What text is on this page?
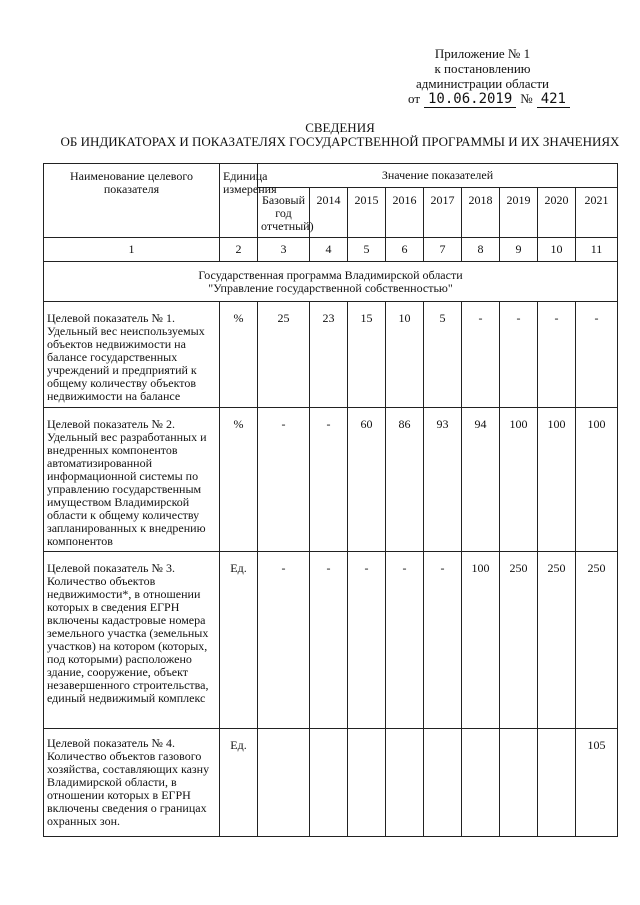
Приложение № 1
к постановлению
администрации области
от 10.06.2019 № 421
СВЕДЕНИЯ
ОБ ИНДИКАТОРАХ И ПОКАЗАТЕЛЯХ ГОСУДАРСТВЕННОЙ ПРОГРАММЫ И ИХ ЗНАЧЕНИЯХ
Наименование целевого показателя	Единица измерения	Значение показателей								
		Базовый год отчетный)	2014	2015	2016	2017	2018	2019	2020	2021
1	2	3	4	5	6	7	8	9	10	11

Государственная программа Владимирской области
"Управление государственной собственностью"										

Целевой показатель № 1. Удельный вес неиспользуемых объектов недвижимости на балансе государственных учреждений и предприятий к общему количеству объектов недвижимости на балансе	%	25	23	15	10	5	-	-	-	-
Целевой показатель № 2. Удельный вес разработанных и внедренных компонентов автоматизированной информационной системы по управлению государственным имуществом Владимирской области к общему количеству запланированных к внедрению компонентов	%	-	-	60	86	93	94	100	100	100
Целевой показатель № 3. Количество объектов недвижимости*, в отношении которых в сведения ЕГРН включены кадастровые номера земельного участка (земельных участков) на котором (которых, под которыми) расположено здание, сооружение, объект незавершенного строительства, единый недвижимый комплекс	Ед.	-	-	-	-	-	100	250	250	250
Целевой показатель № 4. Количество объектов газового хозяйства, составляющих казну Владимирской области, в отношении которых в ЕГРН включены сведения о границах охранных зон.	Ед.									105
